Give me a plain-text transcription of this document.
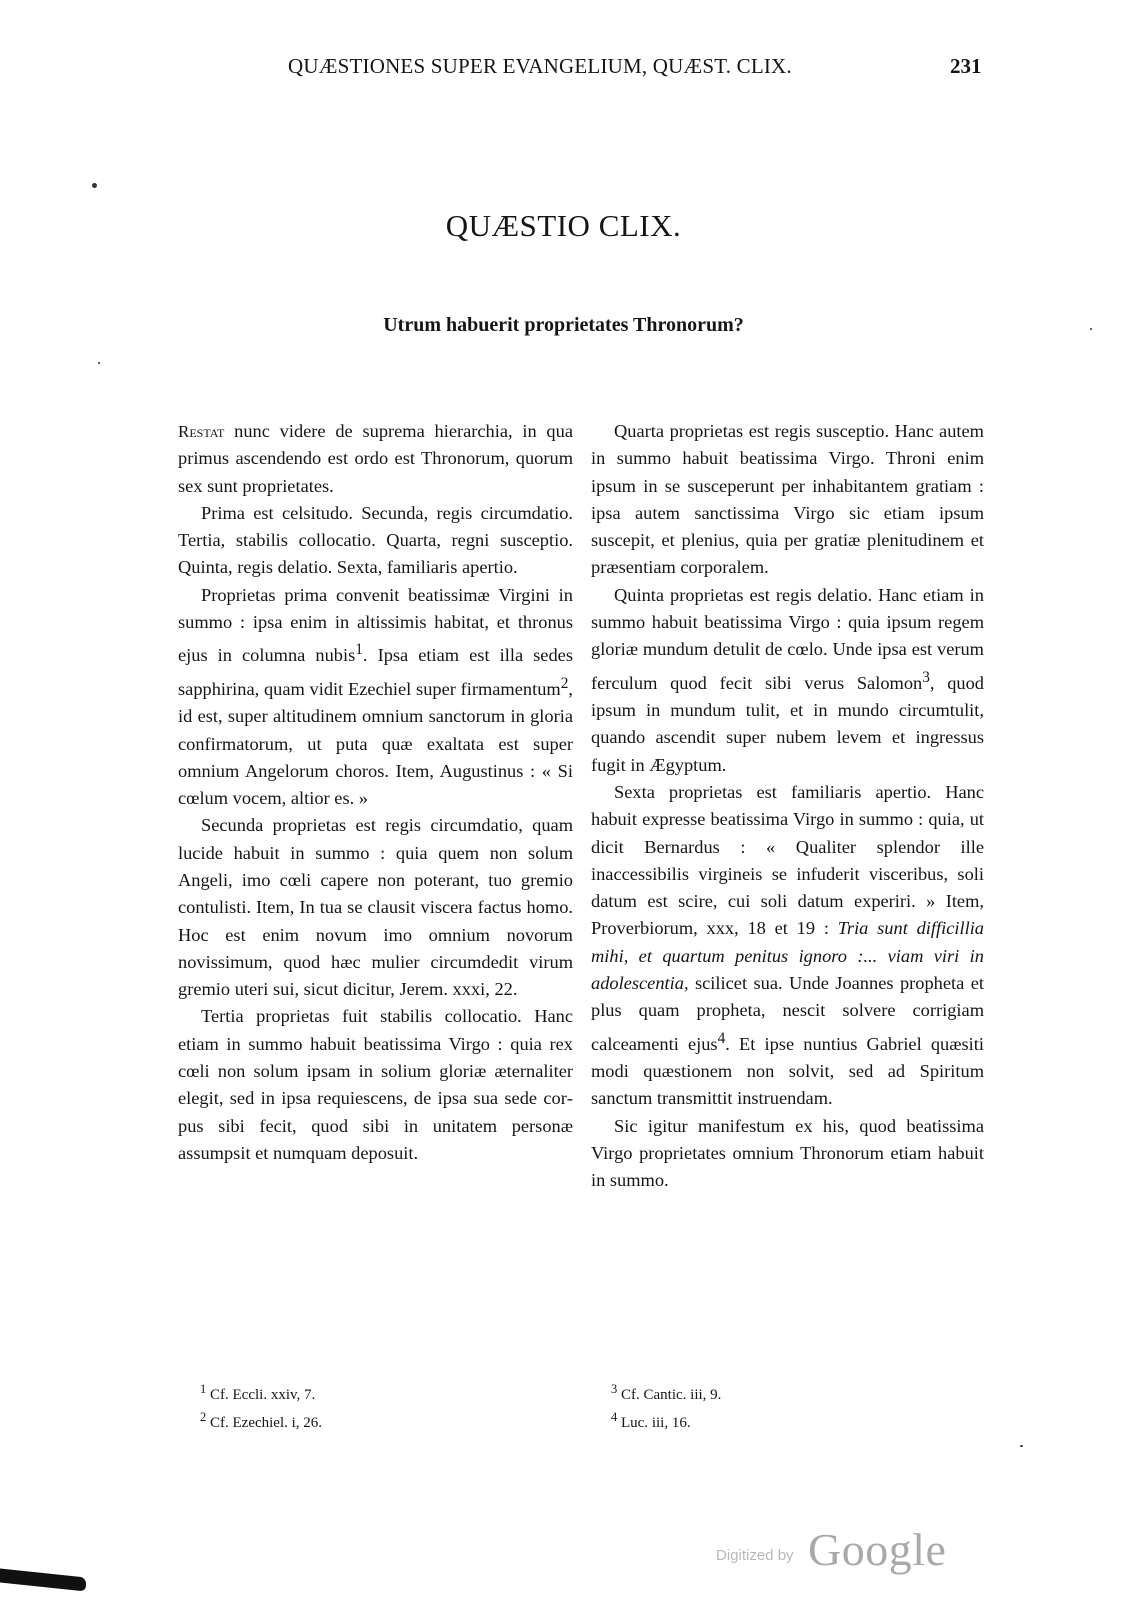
QUÆSTIONES SUPER EVANGELIUM, QUÆST. CLIX.	231
QUÆSTIO CLIX.
Utrum habuerit proprietates Thronorum?

Restat nunc videre de suprema hierarchia, in qua primus ascendendo est ordo est Thronorum, quorum sex sunt proprietates.

Prima est celsitudo. Secunda, regis circumdatio. Tertia, stabilis collocatio. Quarta, regni susceptio. Quinta, regis delatio. Sexta, familiaris apertio.

Proprietas prima convenit beatissimæ Virgini in summo : ipsa enim in altissimis habitat, et thronus ejus in columna nubis$^1$. Ipsa etiam est illa sedes sapphirina, quam vidit Ezechiel super firmamentum$^2$, id est, super altitudinem omnium sanctorum in gloria confirmatorum, ut puta quæ exaltata est super omnium Angelorum choros. Item, Augustinus : « Si cœlum vocem, altior es. »

Secunda proprietas est regis circumdatio, quam lucide habuit in summo : quia quem non solum Angeli, imo cœli capere non poterant, tuo gremio contulisti. Item, In tua se clausit viscera factus homo. Hoc est enim novum imo omnium novorum novissimum, quod hæc mulier circumdedit virum gremio uteri sui, sicut dicitur, Jerem. xxxi, 22.

Tertia proprietas fuit stabilis collocatio. Hanc etiam in summo habuit beatissima Virgo : quia rex cœli non solum ipsam in solium gloriæ æternaliter elegit, sed in ipsa requiescens, de ipsa sua sede corpus sibi fecit, quod sibi in unitatem personæ assumpsit et numquam deposuit.

Quarta proprietas est regis susceptio. Hanc autem in summo habuit beatissima Virgo. Throni enim ipsum in se susceperunt per inhabitantem gratiam : ipsa autem sanctissima Virgo sic etiam ipsum suscepit, et plenius, quia per gratiæ plenitudinem et præsentiam corporalem.

Quinta proprietas est regis delatio. Hanc etiam in summo habuit beatissima Virgo : quia ipsum regem gloriæ mundum detulit de cœlo. Unde ipsa est verum ferculum quod fecit sibi verus Salomon$^3$, quod ipsum in mundum tulit, et in mundo circumtulit, quando ascendit super nubem levem et ingressus fugit in Ægyptum.

Sexta proprietas est familiaris apertio. Hanc habuit expresse beatissima Virgo in summo : quia, ut dicit Bernardus : « Qualiter splendor ille inaccessibilis virgineis se infuderit visceribus, soli datum est scire, cui soli datum experiri. » Item, Proverbiorum, xxx, 18 et 19 : Tria sunt difficillia mihi, et quartum penitus ignoro :... viam viri in adolescentia, scilicet sua. Unde Joannes propheta et plus quam propheta, nescit solvere corrigiam calceamenti ejus$^4$. Et ipse nuntius Gabriel quæsiti modi quæstionem non solvit, sed ad Spiritum sanctum transmittit instruendam.

Sic igitur manifestum ex his, quod beatissima Virgo proprietates omnium Thronorum etiam habuit in summo.

$^1$ Cf. Eccli. xxiv, 7.
$^2$ Cf. Ezechiel. i, 26.
$^3$ Cf. Cantic. iii, 9.
$^4$ Luc. iii, 16.
Digitized by Google
